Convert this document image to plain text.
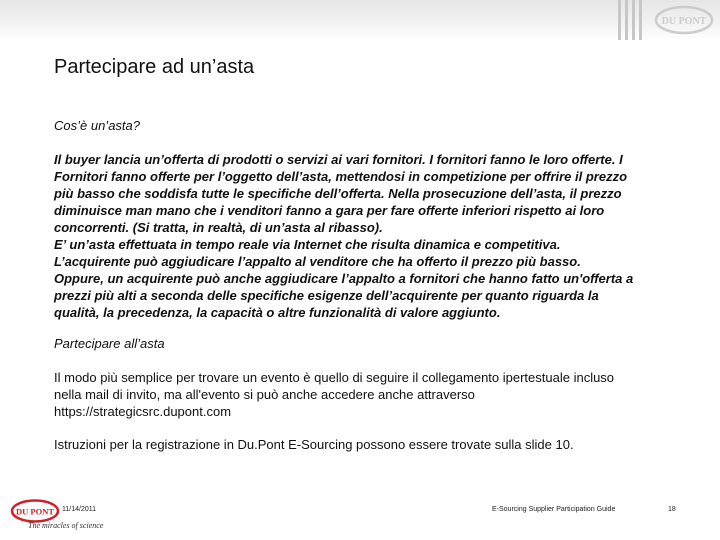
DU PONT
Partecipare ad un’asta
Cos’è un’asta?
Il buyer lancia un’offerta di prodotti o servizi ai vari fornitori. I fornitori fanno le loro offerte. I
Fornitori fanno offerte per l’oggetto dell’asta, mettendosi in competizione per offrire il prezzo
più basso che soddisfa tutte le specifiche dell’offerta. Nella prosecuzione dell’asta, il prezzo
diminuisce man mano che i venditori fanno a gara per fare offerte inferiori rispetto ai loro
concorrenti. (Si tratta, in realtà, di un’asta al ribasso).
E’ un’asta effettuata in tempo reale via Internet che risulta dinamica e competitiva.
L’acquirente può aggiudicare l’appalto al venditore che ha offerto il prezzo più basso.
Oppure, un acquirente può anche aggiudicare l’appalto a fornitori che hanno fatto un'offerta a
prezzi più alti a seconda delle specifiche esigenze dell’acquirente per quanto riguarda la
qualità, la precedenza, la capacità o altre funzionalità di valore aggiunto.
Partecipare all’asta
Il modo più semplice per trovare un evento è quello di seguire il collegamento ipertestuale incluso
nella mail di invito, ma all'evento si può anche accedere anche attraverso
https://strategicsrc.dupont.com
Istruzioni per la registrazione in Du.Pont E-Sourcing possono essere trovate sulla slide 10.
DU PONT
The miracles of science
11/14/2011	E-Sourcing Supplier Participation Guide	18
